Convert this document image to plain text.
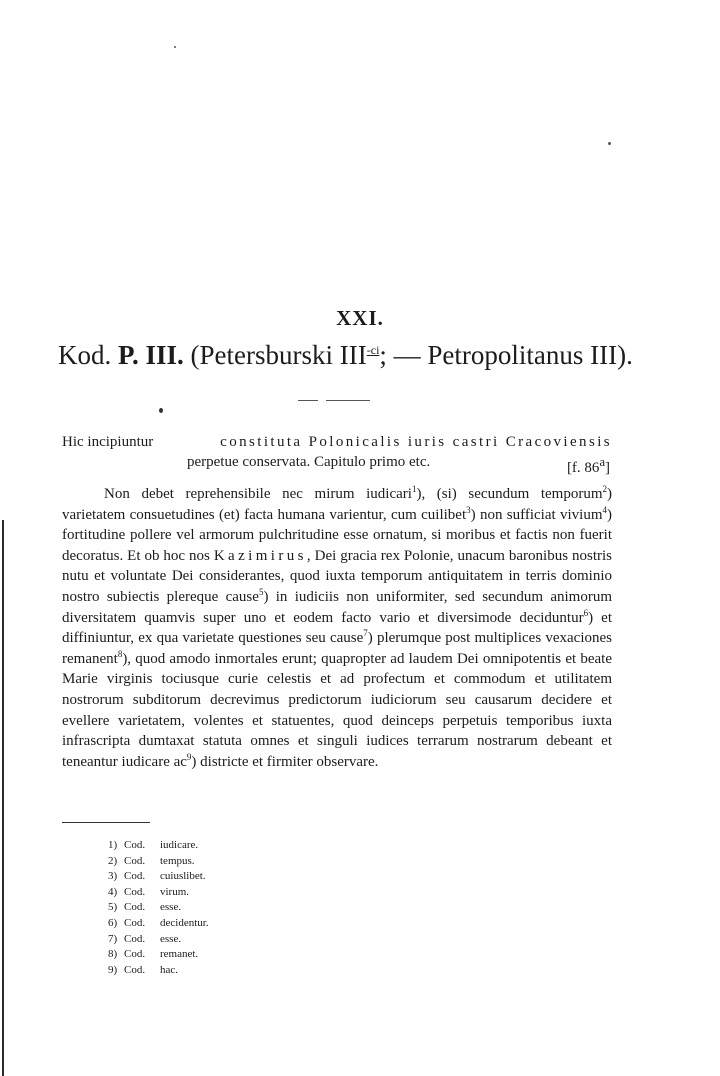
XXI.
Kod. P. III. (Petersburski $III^{-ci}$; — Petropolitanus III).
Hic incipiuntur	constituta Polonicalis iuris castri Cracoviensis
perpetue conservata. Capitulo primo etc.	[f. 86$^a$]

Non debet reprehensibile nec mirum iudicari$^1$), (si) secundum temporum$^2$) varietatem consuetudines (et) facta humana varientur, cum cuilibet$^3$) non sufficiat vivium$^4$) fortitudine pollere vel armorum pulchritudine esse ornatum, si moribus et factis non fuerit decoratus. Et ob hoc nos Kazimirus, Dei gracia rex Polonie, unacum baronibus nostris nutu et voluntate Dei considerantes, quod iuxta temporum antiquitatem in terris dominio nostro subiectis plereque cause$^5$) in iudiciis non uniformiter, sed secundum animorum diversitatem quamvis super uno et eodem facto vario et diversimode deciduntur$^6$) et diffiniuntur, ex qua varietate questiones seu cause$^7$) plerumque post multiplices vexaciones remanent$^8$), quod amodo inmortales erunt; quapropter ad laudem Dei omnipotentis et beate Marie virginis tociusque curie celestis et ad profectum et commodum et utilitatem nostrorum subditorum decrevimus predictorum iudiciorum seu causarum decidere et evellere varietatem, volentes et statuentes, quod deinceps perpetuis temporibus iuxta infrascripta dumtaxat statuta omnes et singuli iudices terrarum nostrarum debeant et teneantur iudicare $ac^9$) districte et firmiter observare.

1) Cod. iudicare.
2) Cod. tempus.
3) Cod. cuiuslibet.
4) Cod. virum.
5) Cod. esse.
6) Cod. decidentur.
7) Cod. esse.
8) Cod. remanet.
9) Cod. hac.
